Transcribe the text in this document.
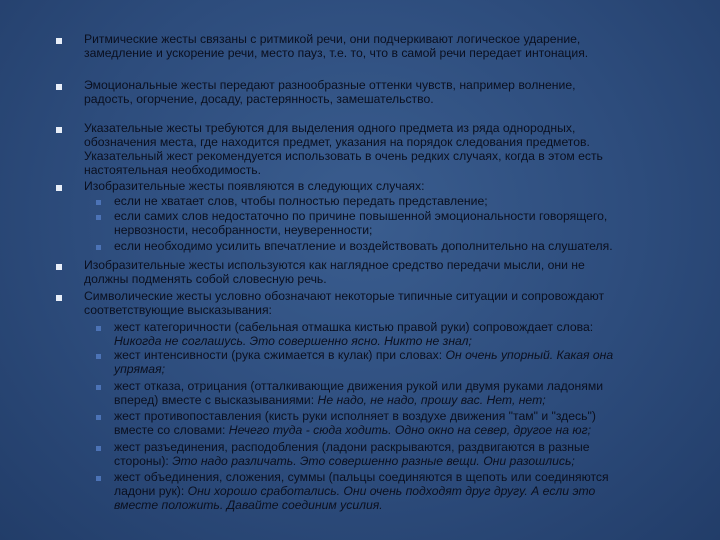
Ритмические жесты связаны с ритмикой речи, они подчеркивают логическое ударение,
замедление и ускорение речи, место пауз, т.е. то, что в самой речи передает интонация.
Эмоциональные жесты передают разнообразные оттенки чувств, например волнение,
радость, огорчение, досаду, растерянность, замешательство.
Указательные жесты требуются для выделения одного предмета из ряда однородных,
обозначения места, где находится предмет, указания на порядок следования предметов.
Указательный жест рекомендуется использовать в очень редких случаях, когда в этом есть
настоятельная необходимость.
Изобразительные жесты появляются в следующих случаях:
если не хватает слов, чтобы полностью передать представление;
если самих слов недостаточно по причине повышенной эмоциональности говорящего,
нервозности, несобранности, неуверенности;
если необходимо усилить впечатление и воздействовать дополнительно на слушателя.
Изобразительные жесты используются как наглядное средство передачи мысли, они не
должны подменять собой словесную речь.
Символические жесты условно обозначают некоторые типичные ситуации и сопровождают
соответствующие высказывания:
жест категоричности (сабельная отмашка кистью правой руки) сопровождает слова:
Никогда не соглашусь. Это совершенно ясно. Никто не знал;
жест интенсивности (рука сжимается в кулак) при словах: Он очень упорный. Какая она
упрямая;
жест отказа, отрицания (отталкивающие движения рукой или двумя руками ладонями
вперед) вместе с высказываниями: Не надо, не надо, прошу вас. Нет, нет;
жест противопоставления (кисть руки исполняет в воздухе движения "там" и "здесь")
вместе со словами: Нечего туда - сюда ходить. Одно окно на север, другое на юг;
жест разъединения, расподобления (ладони раскрываются, раздвигаются в разные
стороны): Это надо различать. Это совершенно разные вещи. Они разошлись;
жест объединения, сложения, суммы (пальцы соединяются в щепоть или соединяются
ладони рук): Они хорошо сработались. Они очень подходят друг другу. А если это
вместе положить. Давайте соединим усилия.
